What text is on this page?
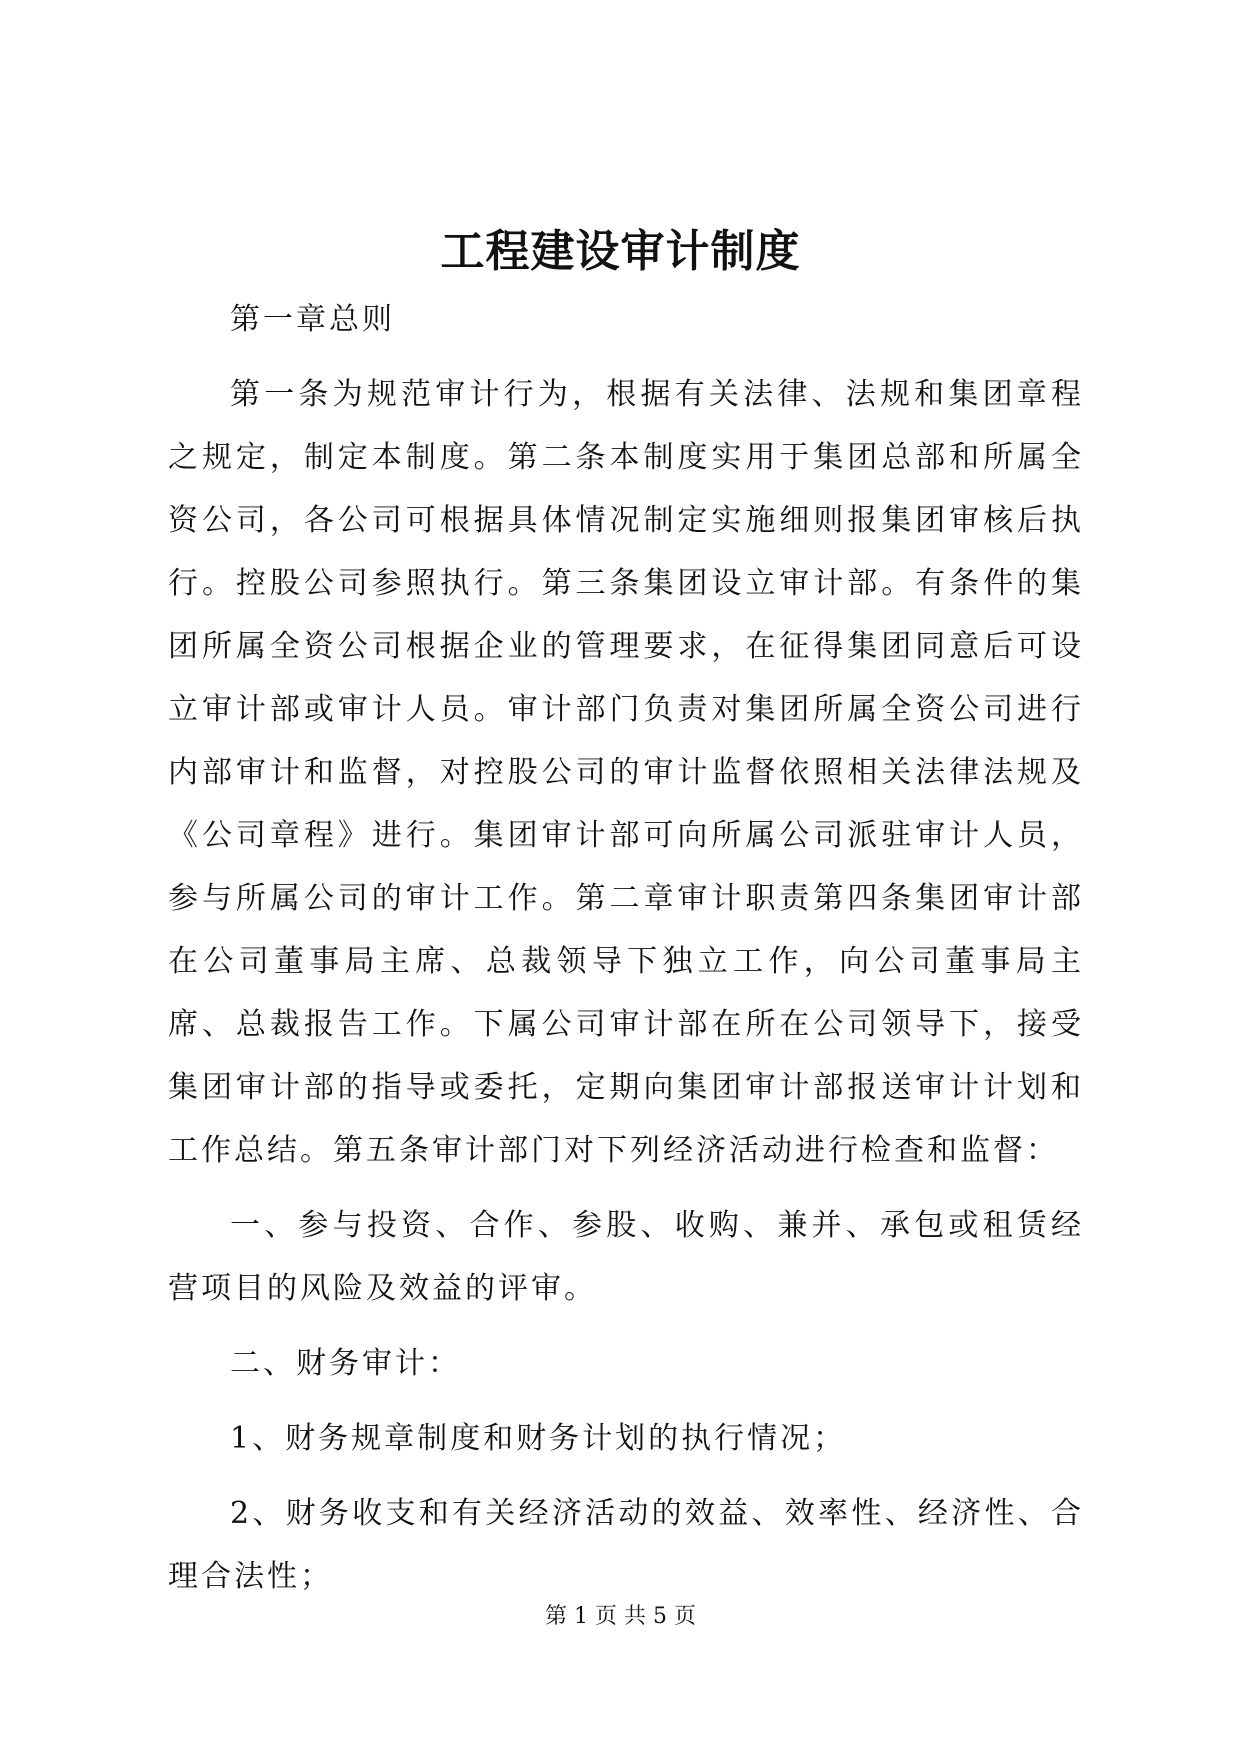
工程建设审计制度

第一章总则

第一条为规范审计行为，根据有关法律、法规和集团章程之规定，制定本制度。第二条本制度实用于集团总部和所属全资公司，各公司可根据具体情况制定实施细则报集团审核后执行。控股公司参照执行。第三条集团设立审计部。有条件的集团所属全资公司根据企业的管理要求，在征得集团同意后可设立审计部或审计人员。审计部门负责对集团所属全资公司进行内部审计和监督，对控股公司的审计监督依照相关法律法规及《公司章程》进行。集团审计部可向所属公司派驻审计人员，参与所属公司的审计工作。第二章审计职责第四条集团审计部在公司董事局主席、总裁领导下独立工作，向公司董事局主席、总裁报告工作。下属公司审计部在所在公司领导下，接受集团审计部的指导或委托，定期向集团审计部报送审计计划和工作总结。第五条审计部门对下列经济活动进行检查和监督：

一、参与投资、合作、参股、收购、兼并、承包或租赁经营项目的风险及效益的评审。

二、财务审计：

1、财务规章制度和财务计划的执行情况；

2、财务收支和有关经济活动的效益、效率性、经济性、合理合法性；

第 1 页 共 5 页
